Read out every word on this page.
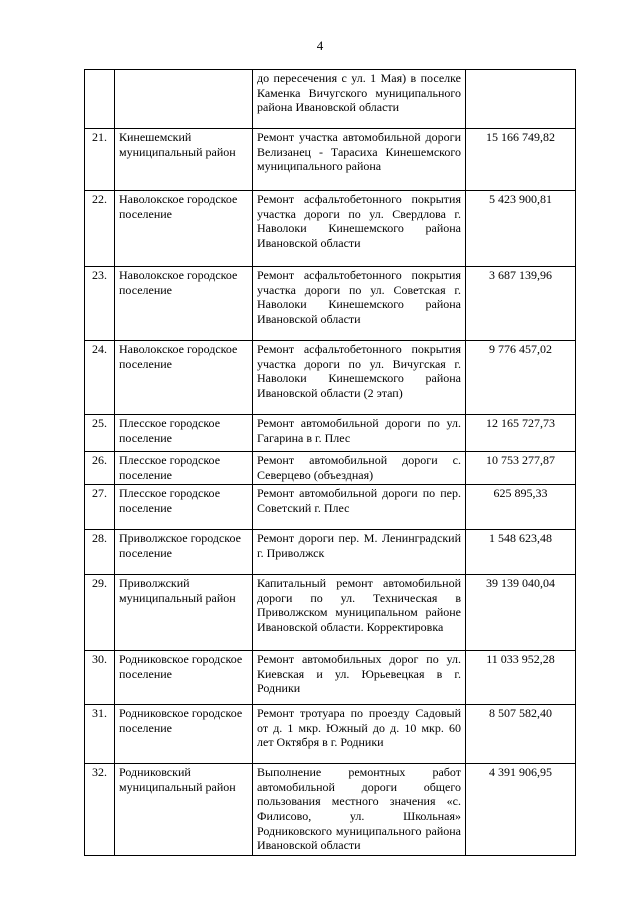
4
		до пересечения с ул. 1 Мая) в поселке Каменка Вичугского муниципального района Ивановской области	
21.	Кинешемский муниципальный район	Ремонт участка автомобильной дороги Велизанец - Тарасиха Кинешемского муниципального района	15 166 749,82
22.	Наволокское городское поселение	Ремонт асфальтобетонного покрытия участка дороги по ул. Свердлова г. Наволоки Кинешемского района Ивановской области	5 423 900,81
23.	Наволокское городское поселение	Ремонт асфальтобетонного покрытия участка дороги по ул. Советская г. Наволоки Кинешемского района Ивановской области	3 687 139,96
24.	Наволокское городское поселение	Ремонт асфальтобетонного покрытия участка дороги по ул. Вичугская г. Наволоки Кинешемского района Ивановской области (2 этап)	9 776 457,02
25.	Плесское городское поселение	Ремонт автомобильной дороги по ул. Гагарина в г. Плес	12 165 727,73
26.	Плесское городское поселение	Ремонт автомобильной дороги с. Северцево (объездная)	10 753 277,87
27.	Плесское городское поселение	Ремонт автомобильной дороги по пер. Советский г. Плес	625 895,33
28.	Приволжское городское поселение	Ремонт дороги пер. М. Ленинградский г. Приволжск	1 548 623,48
29.	Приволжский муниципальный район	Капитальный ремонт автомобильной дороги по ул. Техническая в Приволжском муниципальном районе Ивановской области. Корректировка	39 139 040,04
30.	Родниковское городское поселение	Ремонт автомобильных дорог по ул. Киевская и ул. Юрьевецкая в г. Родники	11 033 952,28
31.	Родниковское городское поселение	Ремонт тротуара по проезду Садовый от д. 1 мкр. Южный до д. 10 мкр. 60 лет Октября в г. Родники	8 507 582,40
32.	Родниковский муниципальный район	Выполнение ремонтных работ автомобильной дороги общего пользования местного значения «с. Филисово, ул. Школьная» Родниковского муниципального района Ивановской области	4 391 906,95
